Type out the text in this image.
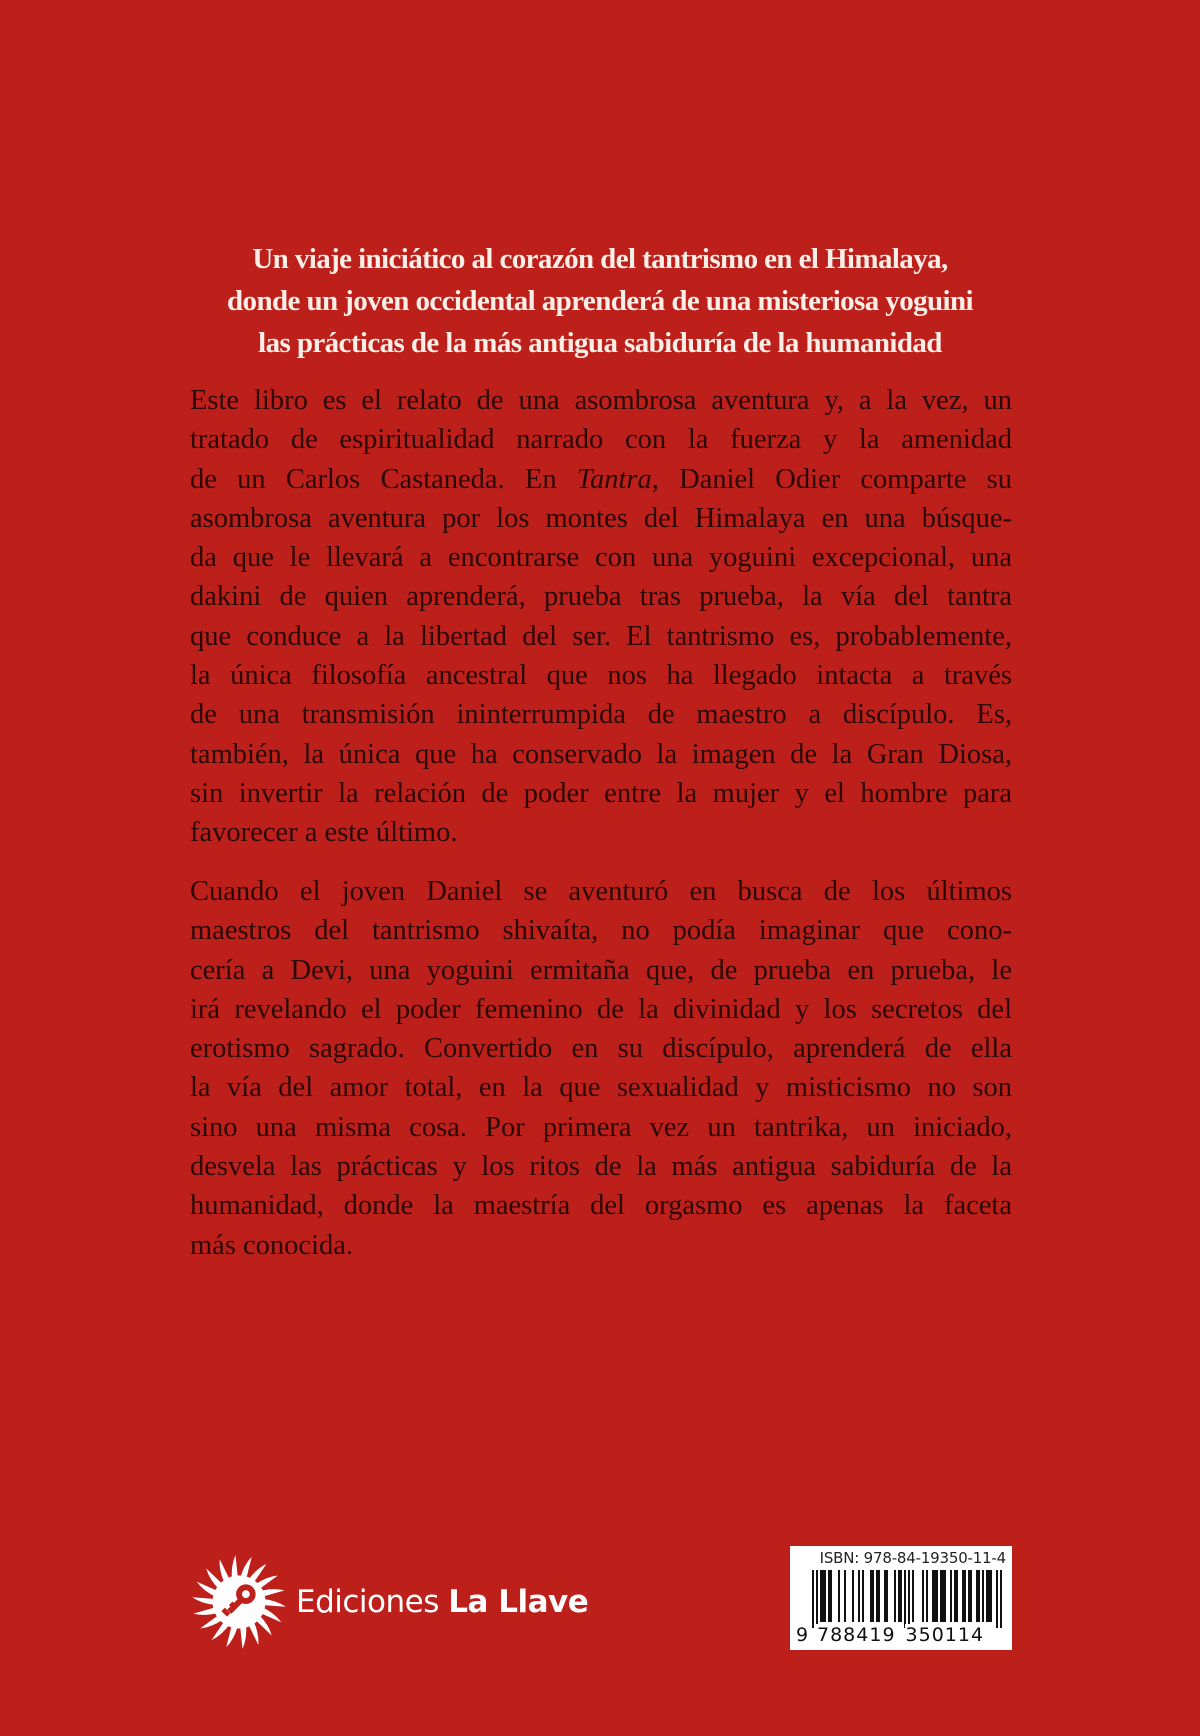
Un viaje iniciático al corazón del tantrismo en el Himalaya,
donde un joven occidental aprenderá de una misteriosa yoguini
las prácticas de la más antigua sabiduría de la humanidad
Este libro es el relato de una asombrosa aventura y, a la vez, un
tratado de espiritualidad narrado con la fuerza y la amenidad
de un Carlos Castaneda. En Tantra, Daniel Odier comparte su
asombrosa aventura por los montes del Himalaya en una búsque-
da que le llevará a encontrarse con una yoguini excepcional, una
dakini de quien aprenderá, prueba tras prueba, la vía del tantra
que conduce a la libertad del ser. El tantrismo es, probablemente,
la única filosofía ancestral que nos ha llegado intacta a través
de una transmisión ininterrumpida de maestro a discípulo. Es,
también, la única que ha conservado la imagen de la Gran Diosa,
sin invertir la relación de poder entre la mujer y el hombre para
favorecer a este último.
Cuando el joven Daniel se aventuró en busca de los últimos
maestros del tantrismo shivaíta, no podía imaginar que cono-
cería a Devi, una yoguini ermitaña que, de prueba en prueba, le
irá revelando el poder femenino de la divinidad y los secretos del
erotismo sagrado. Convertido en su discípulo, aprenderá de ella
la vía del amor total, en la que sexualidad y misticismo no son
sino una misma cosa. Por primera vez un tantrika, un iniciado,
desvela las prácticas y los ritos de la más antigua sabiduría de la
humanidad, donde la maestría del orgasmo es apenas la faceta
más conocida.
Ediciones La Llave
ISBN: 978-84-19350-11-4
9 788419 350114
